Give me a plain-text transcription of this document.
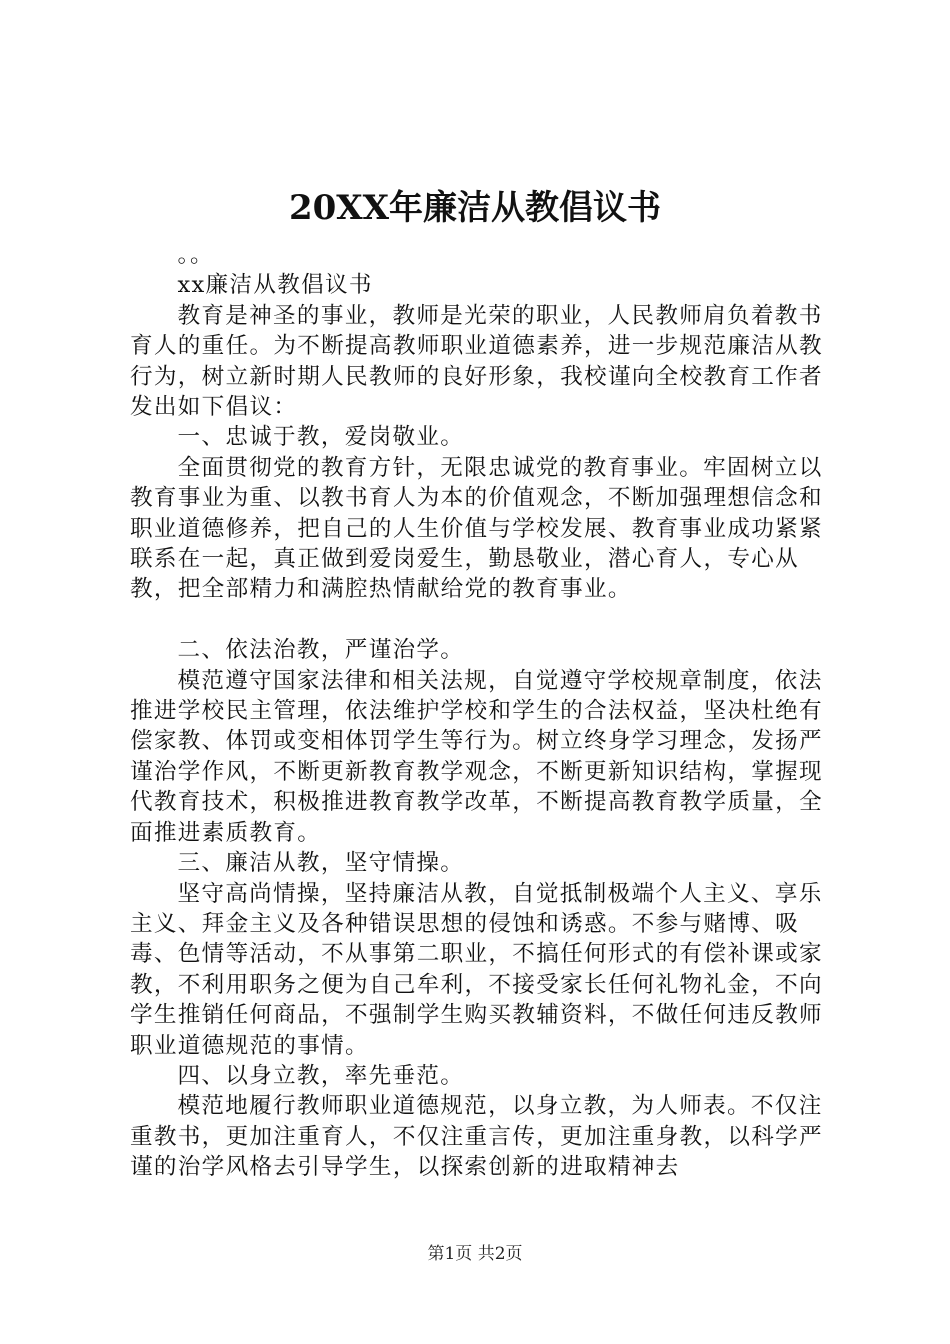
20XX年廉洁从教倡议书

。。

xx廉洁从教倡议书

教育是神圣的事业，教师是光荣的职业，人民教师肩负着教书育人的重任。为不断提高教师职业道德素养，进一步规范廉洁从教行为，树立新时期人民教师的良好形象，我校谨向全校教育工作者发出如下倡议：

一、忠诚于教，爱岗敬业。

全面贯彻党的教育方针，无限忠诚党的教育事业。牢固树立以教育事业为重、以教书育人为本的价值观念，不断加强理想信念和职业道德修养，把自己的人生价值与学校发展、教育事业成功紧紧联系在一起，真正做到爱岗爱生，勤恳敬业，潜心育人，专心从教，把全部精力和满腔热情献给党的教育事业。

二、依法治教，严谨治学。

模范遵守国家法律和相关法规，自觉遵守学校规章制度，依法推进学校民主管理，依法维护学校和学生的合法权益，坚决杜绝有偿家教、体罚或变相体罚学生等行为。树立终身学习理念，发扬严谨治学作风，不断更新教育教学观念，不断更新知识结构，掌握现代教育技术，积极推进教育教学改革，不断提高教育教学质量，全面推进素质教育。

三、廉洁从教，坚守情操。

坚守高尚情操，坚持廉洁从教，自觉抵制极端个人主义、享乐主义、拜金主义及各种错误思想的侵蚀和诱惑。不参与赌博、吸毒、色情等活动，不从事第二职业，不搞任何形式的有偿补课或家教，不利用职务之便为自己牟利，不接受家长任何礼物礼金，不向学生推销任何商品，不强制学生购买教辅资料，不做任何违反教师职业道德规范的事情。

四、以身立教，率先垂范。

模范地履行教师职业道德规范，以身立教，为人师表。不仅注重教书，更加注重育人，不仅注重言传，更加注重身教，以科学严谨的治学风格去引导学生，以探索创新的进取精神去

第1页 共2页
